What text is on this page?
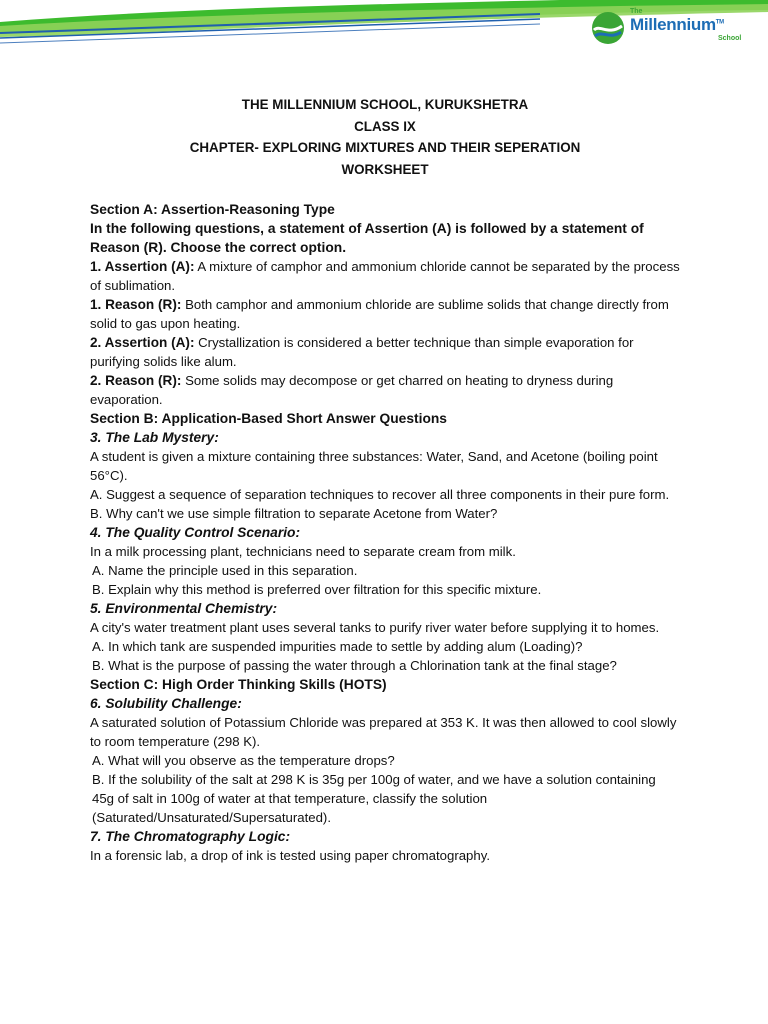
The
Millennium™
School
THE MILLENNIUM SCHOOL, KURUKSHETRA
CLASS IX
CHAPTER- EXPLORING MIXTURES AND THEIR SEPERATION
WORKSHEET

Section A: Assertion-Reasoning Type

In the following questions, a statement of Assertion (A) is followed by a statement of Reason (R). Choose the correct option.

1. Assertion (A): A mixture of camphor and ammonium chloride cannot be separated by the process of sublimation.

1. Reason (R): Both camphor and ammonium chloride are sublime solids that change directly from solid to gas upon heating.

2. Assertion (A): Crystallization is considered a better technique than simple evaporation for purifying solids like alum.

2. Reason (R): Some solids may decompose or get charred on heating to dryness during evaporation.

Section B: Application-Based Short Answer Questions

3. The Lab Mystery:

A student is given a mixture containing three substances: Water, Sand, and Acetone (boiling point 56°C).

A. Suggest a sequence of separation techniques to recover all three components in their pure form.

B. Why can't we use simple filtration to separate Acetone from Water?

4. The Quality Control Scenario:

In a milk processing plant, technicians need to separate cream from milk.

A. Name the principle used in this separation.

B. Explain why this method is preferred over filtration for this specific mixture.

5. Environmental Chemistry:

A city's water treatment plant uses several tanks to purify river water before supplying it to homes.

A. In which tank are suspended impurities made to settle by adding alum (Loading)?

B. What is the purpose of passing the water through a Chlorination tank at the final stage?

Section C: High Order Thinking Skills (HOTS)

6. Solubility Challenge:

A saturated solution of Potassium Chloride was prepared at 353 K. It was then allowed to cool slowly to room temperature (298 K).

A. What will you observe as the temperature drops?

B. If the solubility of the salt at 298 K is 35g per 100g of water, and we have a solution containing 45g of salt in 100g of water at that temperature, classify the solution (Saturated/Unsaturated/Supersaturated).

7. The Chromatography Logic:

In a forensic lab, a drop of ink is tested using paper chromatography.
